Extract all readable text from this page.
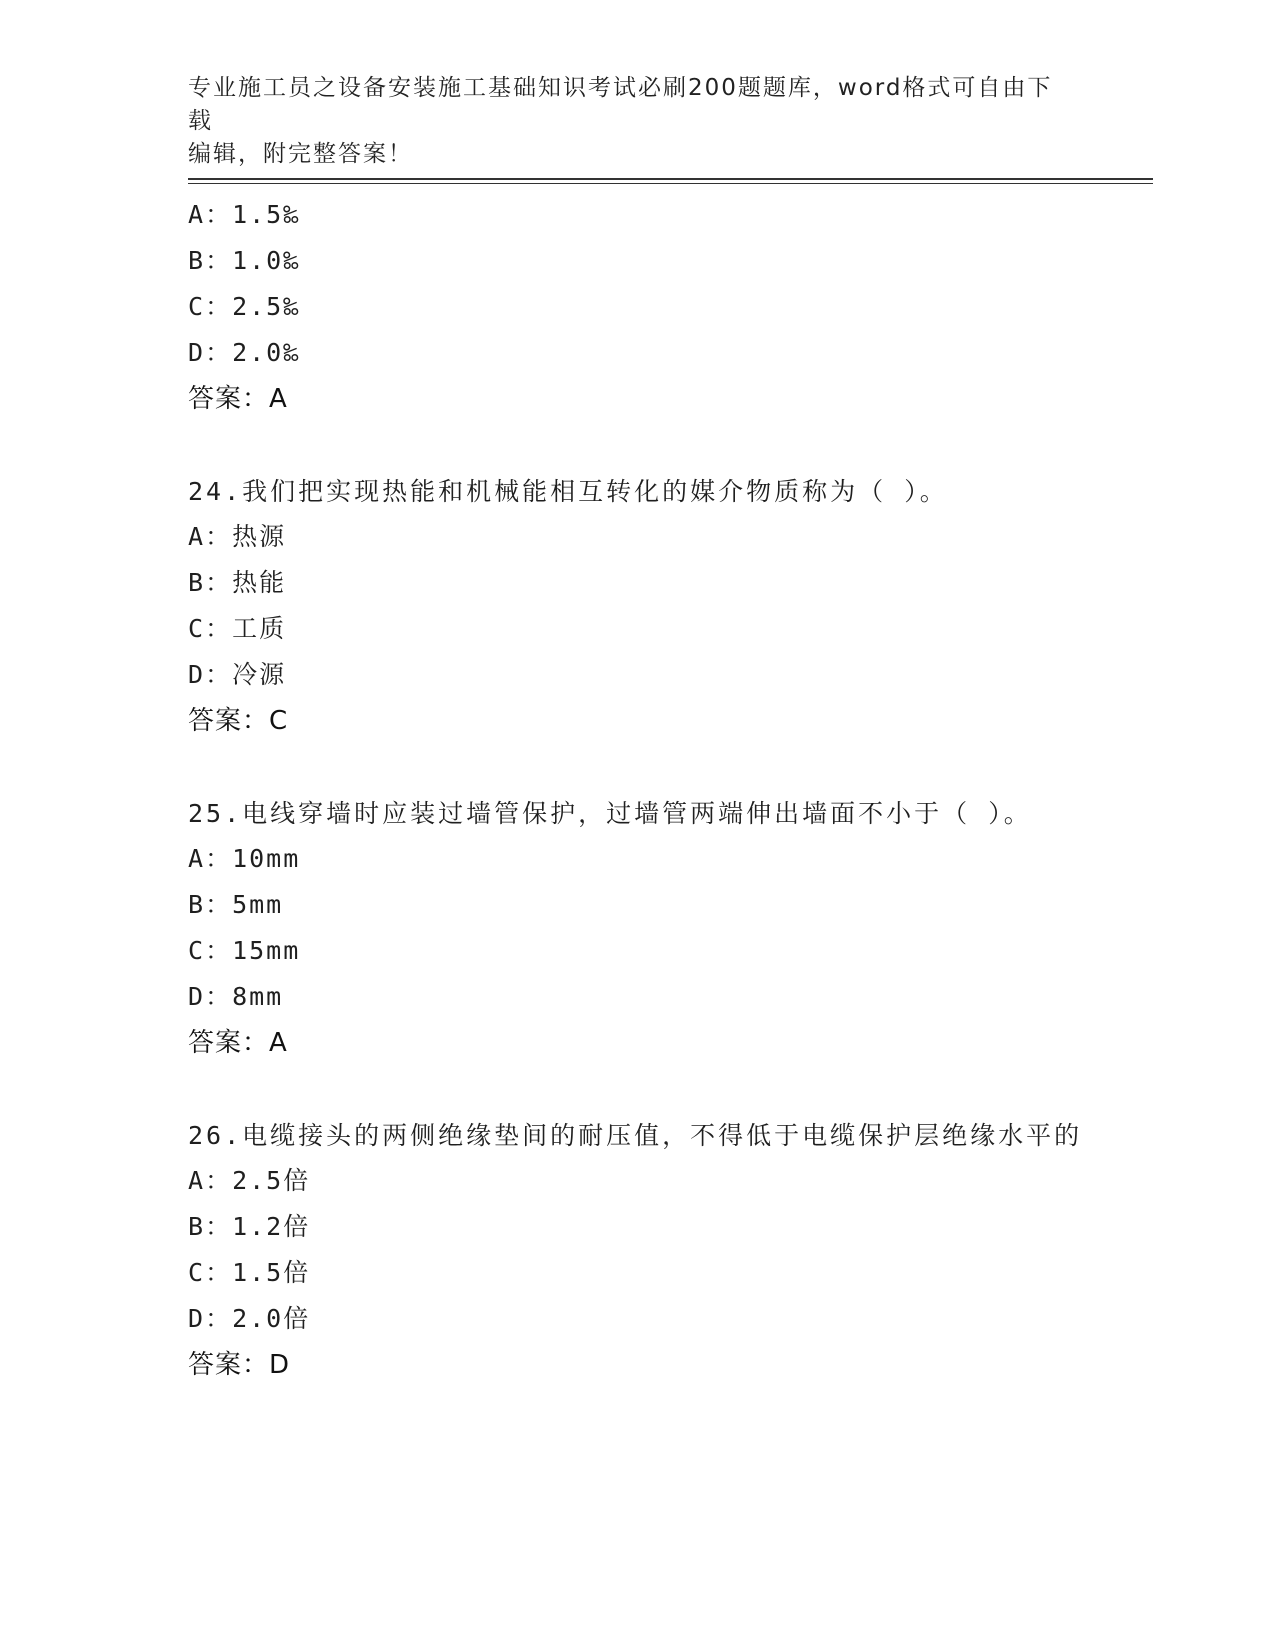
专业施工员之设备安装施工基础知识考试必刷200题题库，word格式可自由下载
编辑，附完整答案！
A：1.5‰
B：1.0‰
C：2.5‰
D：2.0‰
答案：A
24.我们把实现热能和机械能相互转化的媒介物质称为（ ）。
A：热源
B：热能
C：工质
D：冷源
答案：C
25.电线穿墙时应装过墙管保护，过墙管两端伸出墙面不小于（ ）。
A：10mm
B：5mm
C：15mm
D：8mm
答案：A
26.电缆接头的两侧绝缘垫间的耐压值，不得低于电缆保护层绝缘水平的
A：2.5倍
B：1.2倍
C：1.5倍
D：2.0倍
答案：D
